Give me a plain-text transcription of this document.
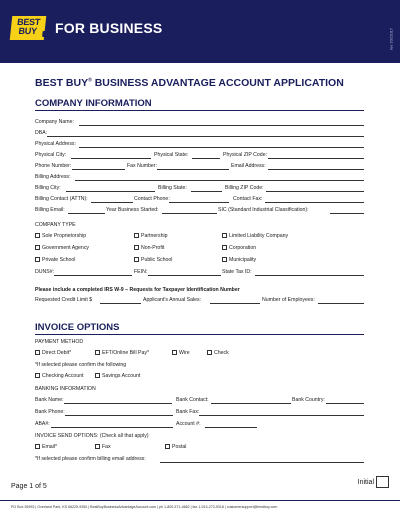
BEST
BUY	FOR BUSINESS	rev 2022017
BEST BUY® BUSINESS ADVANTAGE ACCOUNT APPLICATION
COMPANY INFORMATION
Company Name:
DBA:
Physical Address:
Physical City:	Physical State:	Physical ZIP Code:
Phone Number:	Fax Number:	Email Address:
Billing Address:
Billing City:	Billing State:	Billing ZIP Code:
Billing Contact (ATTN):	Contact Phone:	Contact Fax:
Billing Email:	Year Business Started:	SIC (Standard Industrial Classification):
COMPANY TYPE
Sole Proprietorship	Partnership	Limited Liability Company
Government Agency	Non-Profit	Corporation
Private School	Public School	Municipality
DUNS#:	FEIN:	State Tax ID:
Please include a completed IRS W-9 – Requests for Taxpayer Identification Number
Requested Credit Limit $	Applicant's Annual Sales:	Number of Employees:
INVOICE OPTIONS
PAYMENT METHOD
Direct Debit*	EFT/Online Bill Pay*	Wire	Check
*If selected please confirm the following
Checking Account	Savings Account
BANKING INFORMATION
Bank Name:	Bank Contact:	Bank Country:
Bank Phone:	Bank Fax:
ABA#:	Account #:
INVOICE SEND OPTIONS: (Check all that apply)
Email*	Fax	Postal
*If selected please confirm billing email address:
Page 1 of 5
Initial
PO Box 35993 | Overland Park, KS 66225-9350 | BestBuyBusinessAdvantageAccount.com | ph 1-800-371-4662 | fax 1-913-273-9318 | customersupport@bestbuy.com
